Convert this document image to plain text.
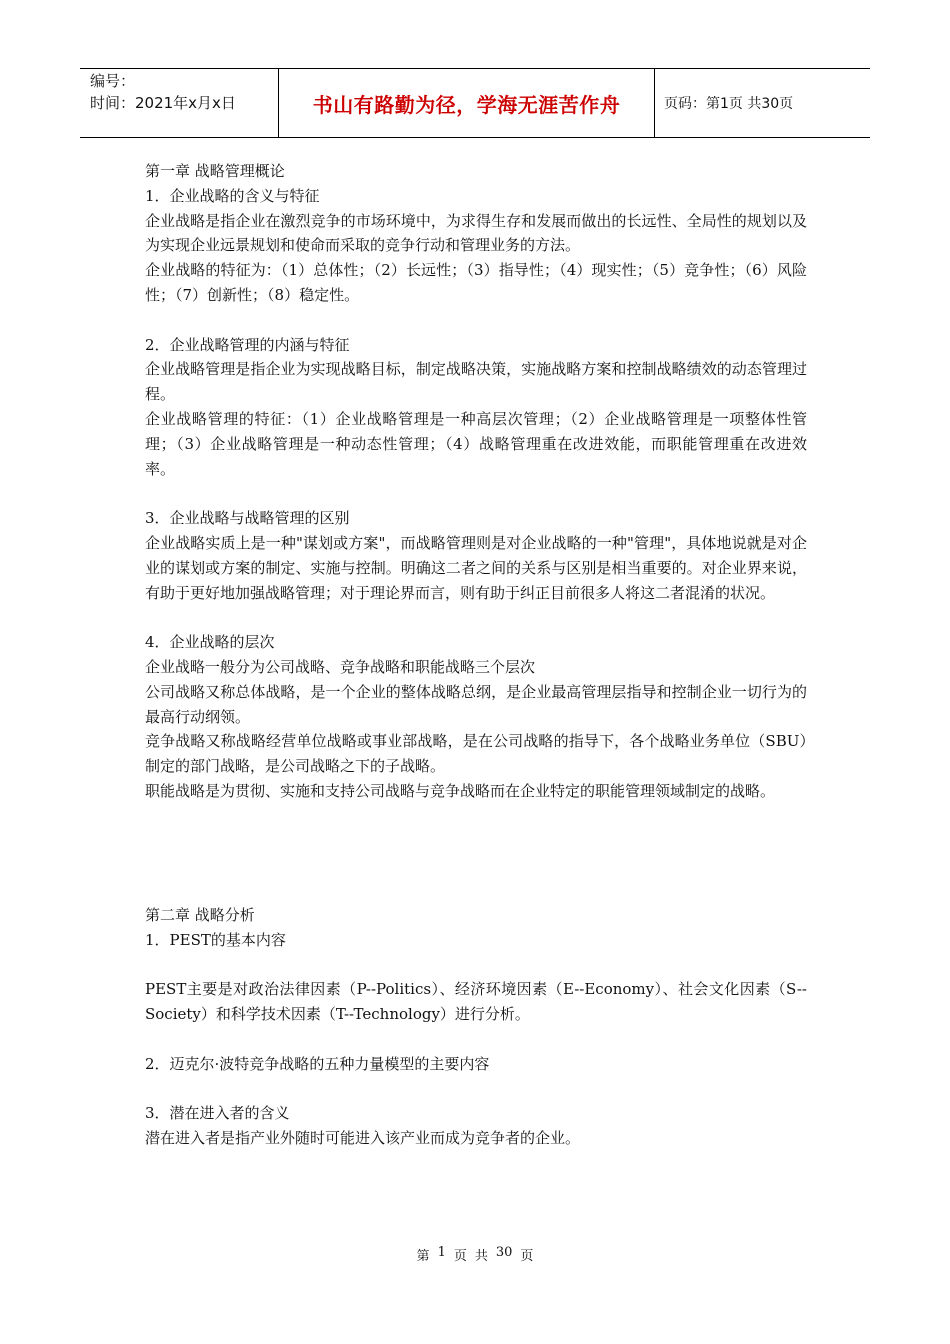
编号：
时间：2021年x月x日	书山有路勤为径，学海无涯苦作舟	页码：第1页 共30页

第一章 战略管理概论

1．企业战略的含义与特征

企业战略是指企业在激烈竞争的市场环境中，为求得生存和发展而做出的长远性、全局性的规划以及为实现企业远景规划和使命而采取的竞争行动和管理业务的方法。

企业战略的特征为：（1）总体性；（2）长远性；（3）指导性；（4）现实性；（5）竞争性；（6）风险性；（7）创新性；（8）稳定性。

2．企业战略管理的内涵与特征

企业战略管理是指企业为实现战略目标，制定战略决策，实施战略方案和控制战略绩效的动态管理过程。

企业战略管理的特征：（1）企业战略管理是一种高层次管理；（2）企业战略管理是一项整体性管理；（3）企业战略管理是一种动态性管理；（4）战略管理重在改进效能，而职能管理重在改进效率。

3．企业战略与战略管理的区别

企业战略实质上是一种"谋划或方案"，而战略管理则是对企业战略的一种"管理"，具体地说就是对企业的谋划或方案的制定、实施与控制。明确这二者之间的关系与区别是相当重要的。对企业界来说，有助于更好地加强战略管理；对于理论界而言，则有助于纠正目前很多人将这二者混淆的状况。

4．企业战略的层次

企业战略一般分为公司战略、竞争战略和职能战略三个层次

公司战略又称总体战略，是一个企业的整体战略总纲，是企业最高管理层指导和控制企业一切行为的最高行动纲领。

竞争战略又称战略经营单位战略或事业部战略，是在公司战略的指导下，各个战略业务单位（SBU）制定的部门战略，是公司战略之下的子战略。

职能战略是为贯彻、实施和支持公司战略与竞争战略而在企业特定的职能管理领域制定的战略。

第二章 战略分析

1．PEST的基本内容

PEST主要是对政治法律因素（P--Politics）、经济环境因素（E--Economy）、社会文化因素（S--Society）和科学技术因素（T--Technology）进行分析。

2．迈克尔·波特竞争战略的五种力量模型的主要内容

3．潜在进入者的含义

潜在进入者是指产业外随时可能进入该产业而成为竞争者的企业。

第 1 页 共 30 页
